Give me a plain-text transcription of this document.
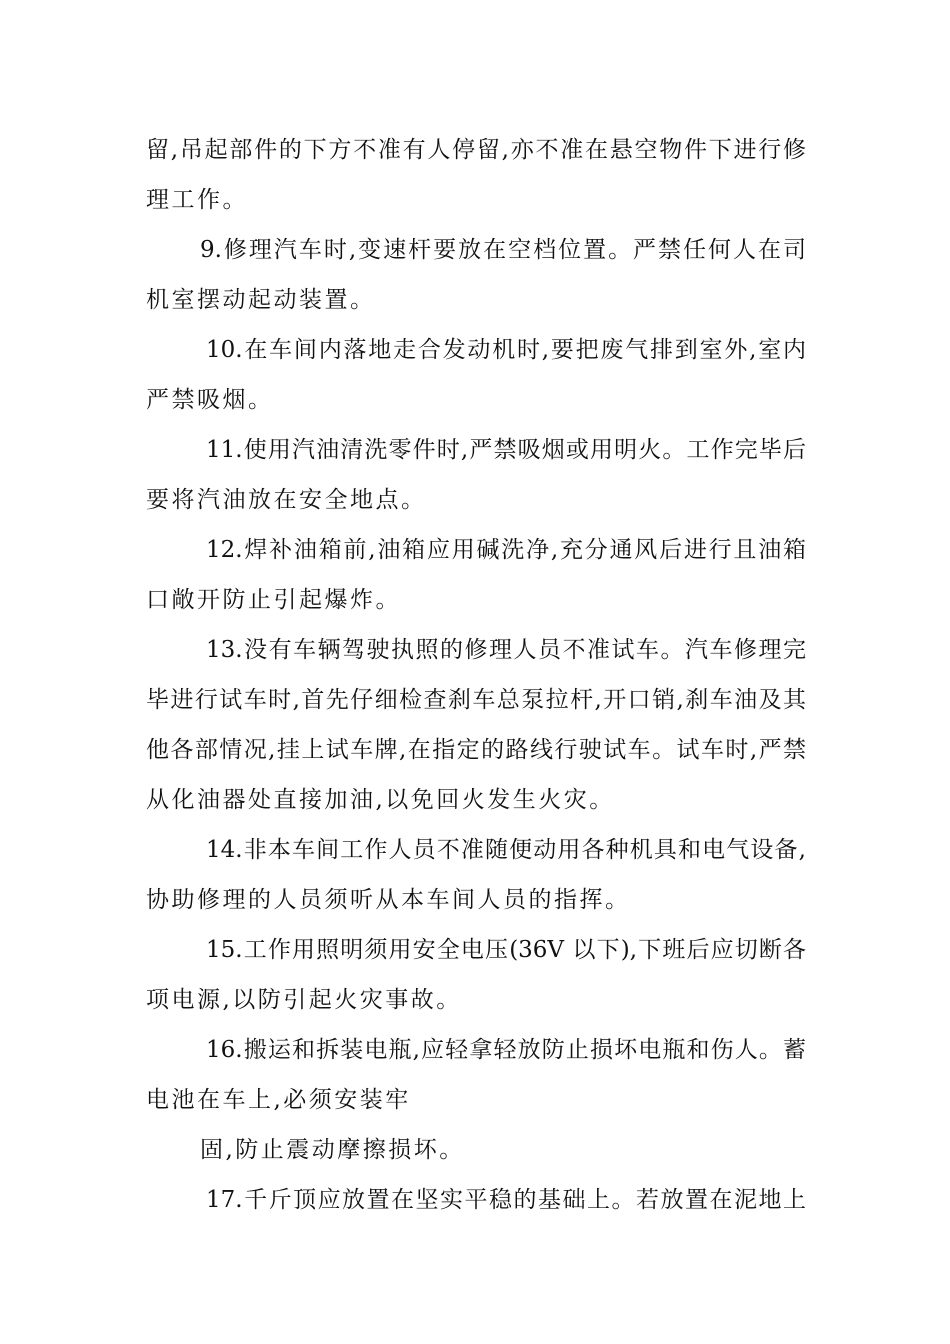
留,吊起部件的下方不准有人停留,亦不准在悬空物件下进行修
理工作。
9.修理汽车时,变速杆要放在空档位置。严禁任何人在司
机室摆动起动装置。
10.在车间内落地走合发动机时,要把废气排到室外,室内
严禁吸烟。
11.使用汽油清洗零件时,严禁吸烟或用明火。工作完毕后
要将汽油放在安全地点。
12.焊补油箱前,油箱应用碱洗净,充分通风后进行且油箱
口敞开防止引起爆炸。
13.没有车辆驾驶执照的修理人员不准试车。汽车修理完
毕进行试车时,首先仔细检查刹车总泵拉杆,开口销,刹车油及其
他各部情况,挂上试车牌,在指定的路线行驶试车。试车时,严禁
从化油器处直接加油,以免回火发生火灾。
14.非本车间工作人员不准随便动用各种机具和电气设备,
协助修理的人员须听从本车间人员的指挥。
15.工作用照明须用安全电压(36V 以下),下班后应切断各
项电源,以防引起火灾事故。
16.搬运和拆装电瓶,应轻拿轻放防止损坏电瓶和伤人。蓄
电池在车上,必须安装牢
固,防止震动摩擦损坏。
17.千斤顶应放置在坚实平稳的基础上。若放置在泥地上
